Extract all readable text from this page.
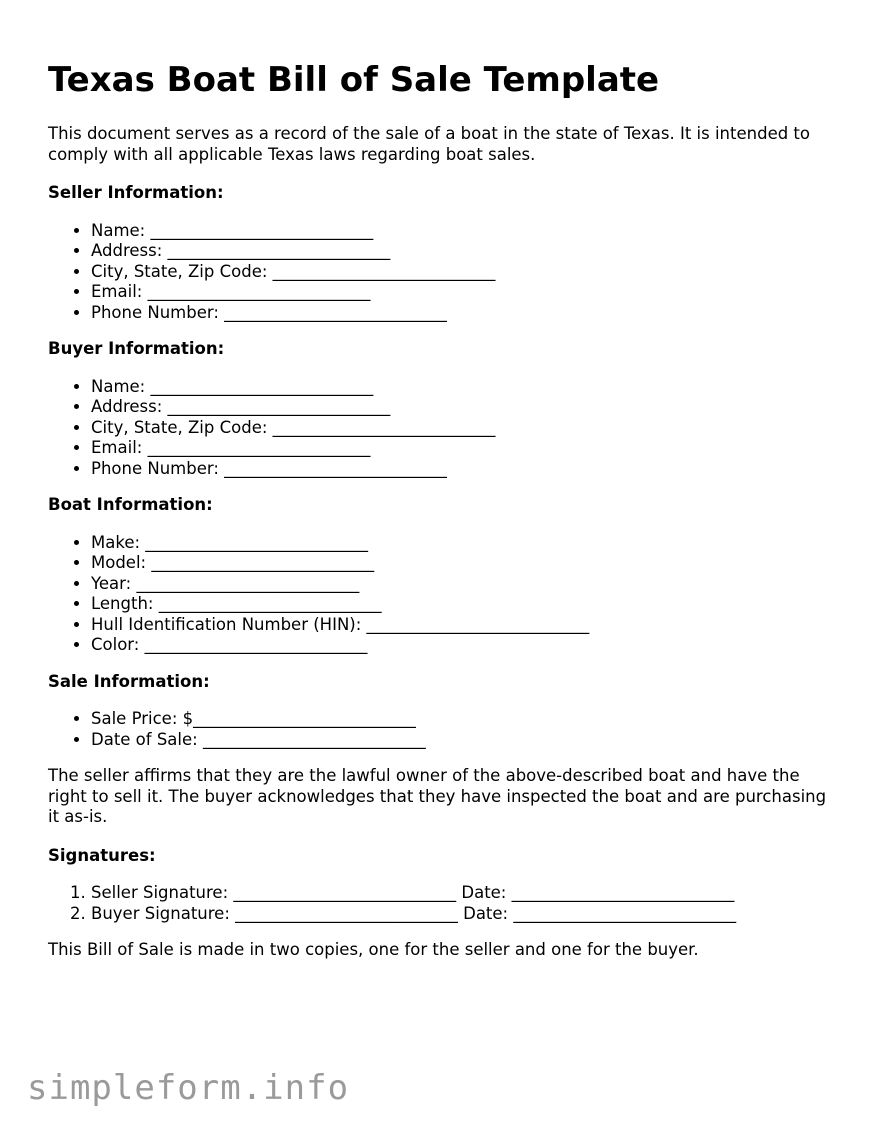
Texas Boat Bill of Sale Template

This document serves as a record of the sale of a boat in the state of Texas. It is intended to comply with all applicable Texas laws regarding boat sales.

Seller Information:
• Name: ___________________________
• Address: ___________________________
• City, State, Zip Code: ___________________________
• Email: ___________________________
• Phone Number: ___________________________
Buyer Information:
• Name: ___________________________
• Address: ___________________________
• City, State, Zip Code: ___________________________
• Email: ___________________________
• Phone Number: ___________________________
Boat Information:
• Make: ___________________________
• Model: ___________________________
• Year: ___________________________
• Length: ___________________________
• Hull Identification Number (HIN): ___________________________
• Color: ___________________________
Sale Information:
• Sale Price: $___________________________
• Date of Sale: ___________________________

The seller affirms that they are the lawful owner of the above-described boat and have the right to sell it. The buyer acknowledges that they have inspected the boat and are purchasing it as-is.

Signatures:
1. Seller Signature: ___________________________ Date: ___________________________
2. Buyer Signature: ___________________________ Date: ___________________________

This Bill of Sale is made in two copies, one for the seller and one for the buyer.

simpleform.info
